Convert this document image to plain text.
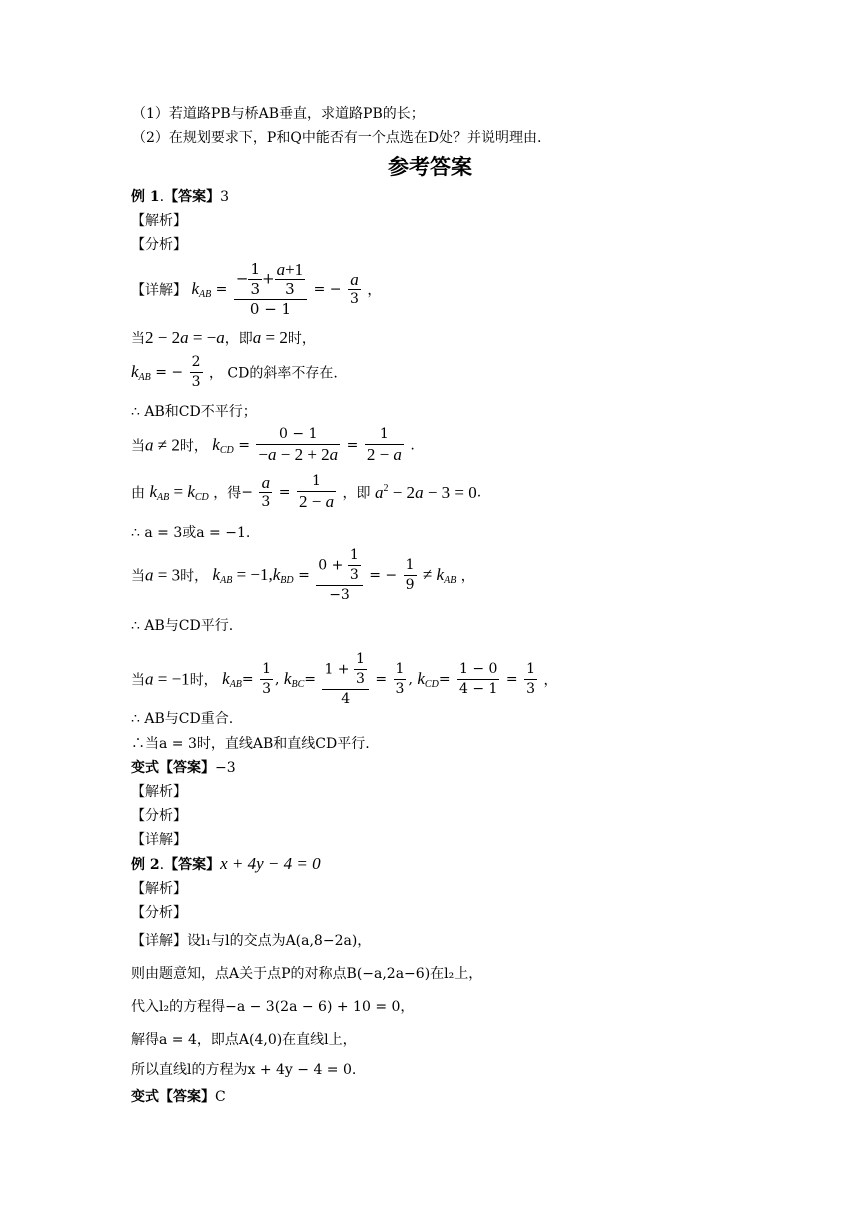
（1）若道路PB与桥AB垂直，求道路PB的长；
（2）在规划要求下，P和Q中能否有一个点选在D处？并说明理由.
参考答案
例 1.【答案】3
【解析】
【分析】
【详解】 $k_{AB} = \frac{- \frac{1}{3} + \frac{a+1}{3}}{0 - 1}$ = − $\frac{a}{3}$ ，
当2 − 2a = −a，即a = 2时，
$k_{AB}$ = − $\frac{2}{3}$ ， CD的斜率不存在.
∴ AB和CD不平行；
当a ≠ 2时， $k_{CD} = \frac{0 - 1}{-a - 2 + 2a} = \frac{1}{2 - a}$ .
由 $k_{AB} = k_{CD}$ ，得− $\frac{a}{3} = \frac{1}{2 - a}$ ，即 $a^2 - 2a - 3 = 0$.
∴ a = 3或a = −1.
当a = 3时， $k_{AB} = -1,k_{BD} = \frac{0 + \frac{1}{3}}{-3}$ = − $\frac{1}{9} \ne k_{AB}$ ，
∴ AB与CD平行.
当a = −1时， $k_{AB}= \frac{1}{3}$ , $k_{BC}= \frac{1 + \frac{1}{3}}{4} = \frac{1}{3}$ , $k_{CD}= \frac{1 - 0}{4 - 1} = \frac{1}{3}$ ，
∴ AB与CD重合.
∴当a = 3时，直线AB和直线CD平行.
变式【答案】−3
【解析】
【分析】
【详解】
例 2.【答案】x + 4y − 4 = 0
【解析】
【分析】
【详解】设l₁与l的交点为A(a,8−2a)，
则由题意知，点A关于点P的对称点B(−a,2a−6)在l₂上，
代入l₂的方程得−a − 3(2a − 6) + 10 = 0，
解得a = 4，即点A(4,0)在直线l上，
所以直线l的方程为x + 4y − 4 = 0.
变式【答案】C
